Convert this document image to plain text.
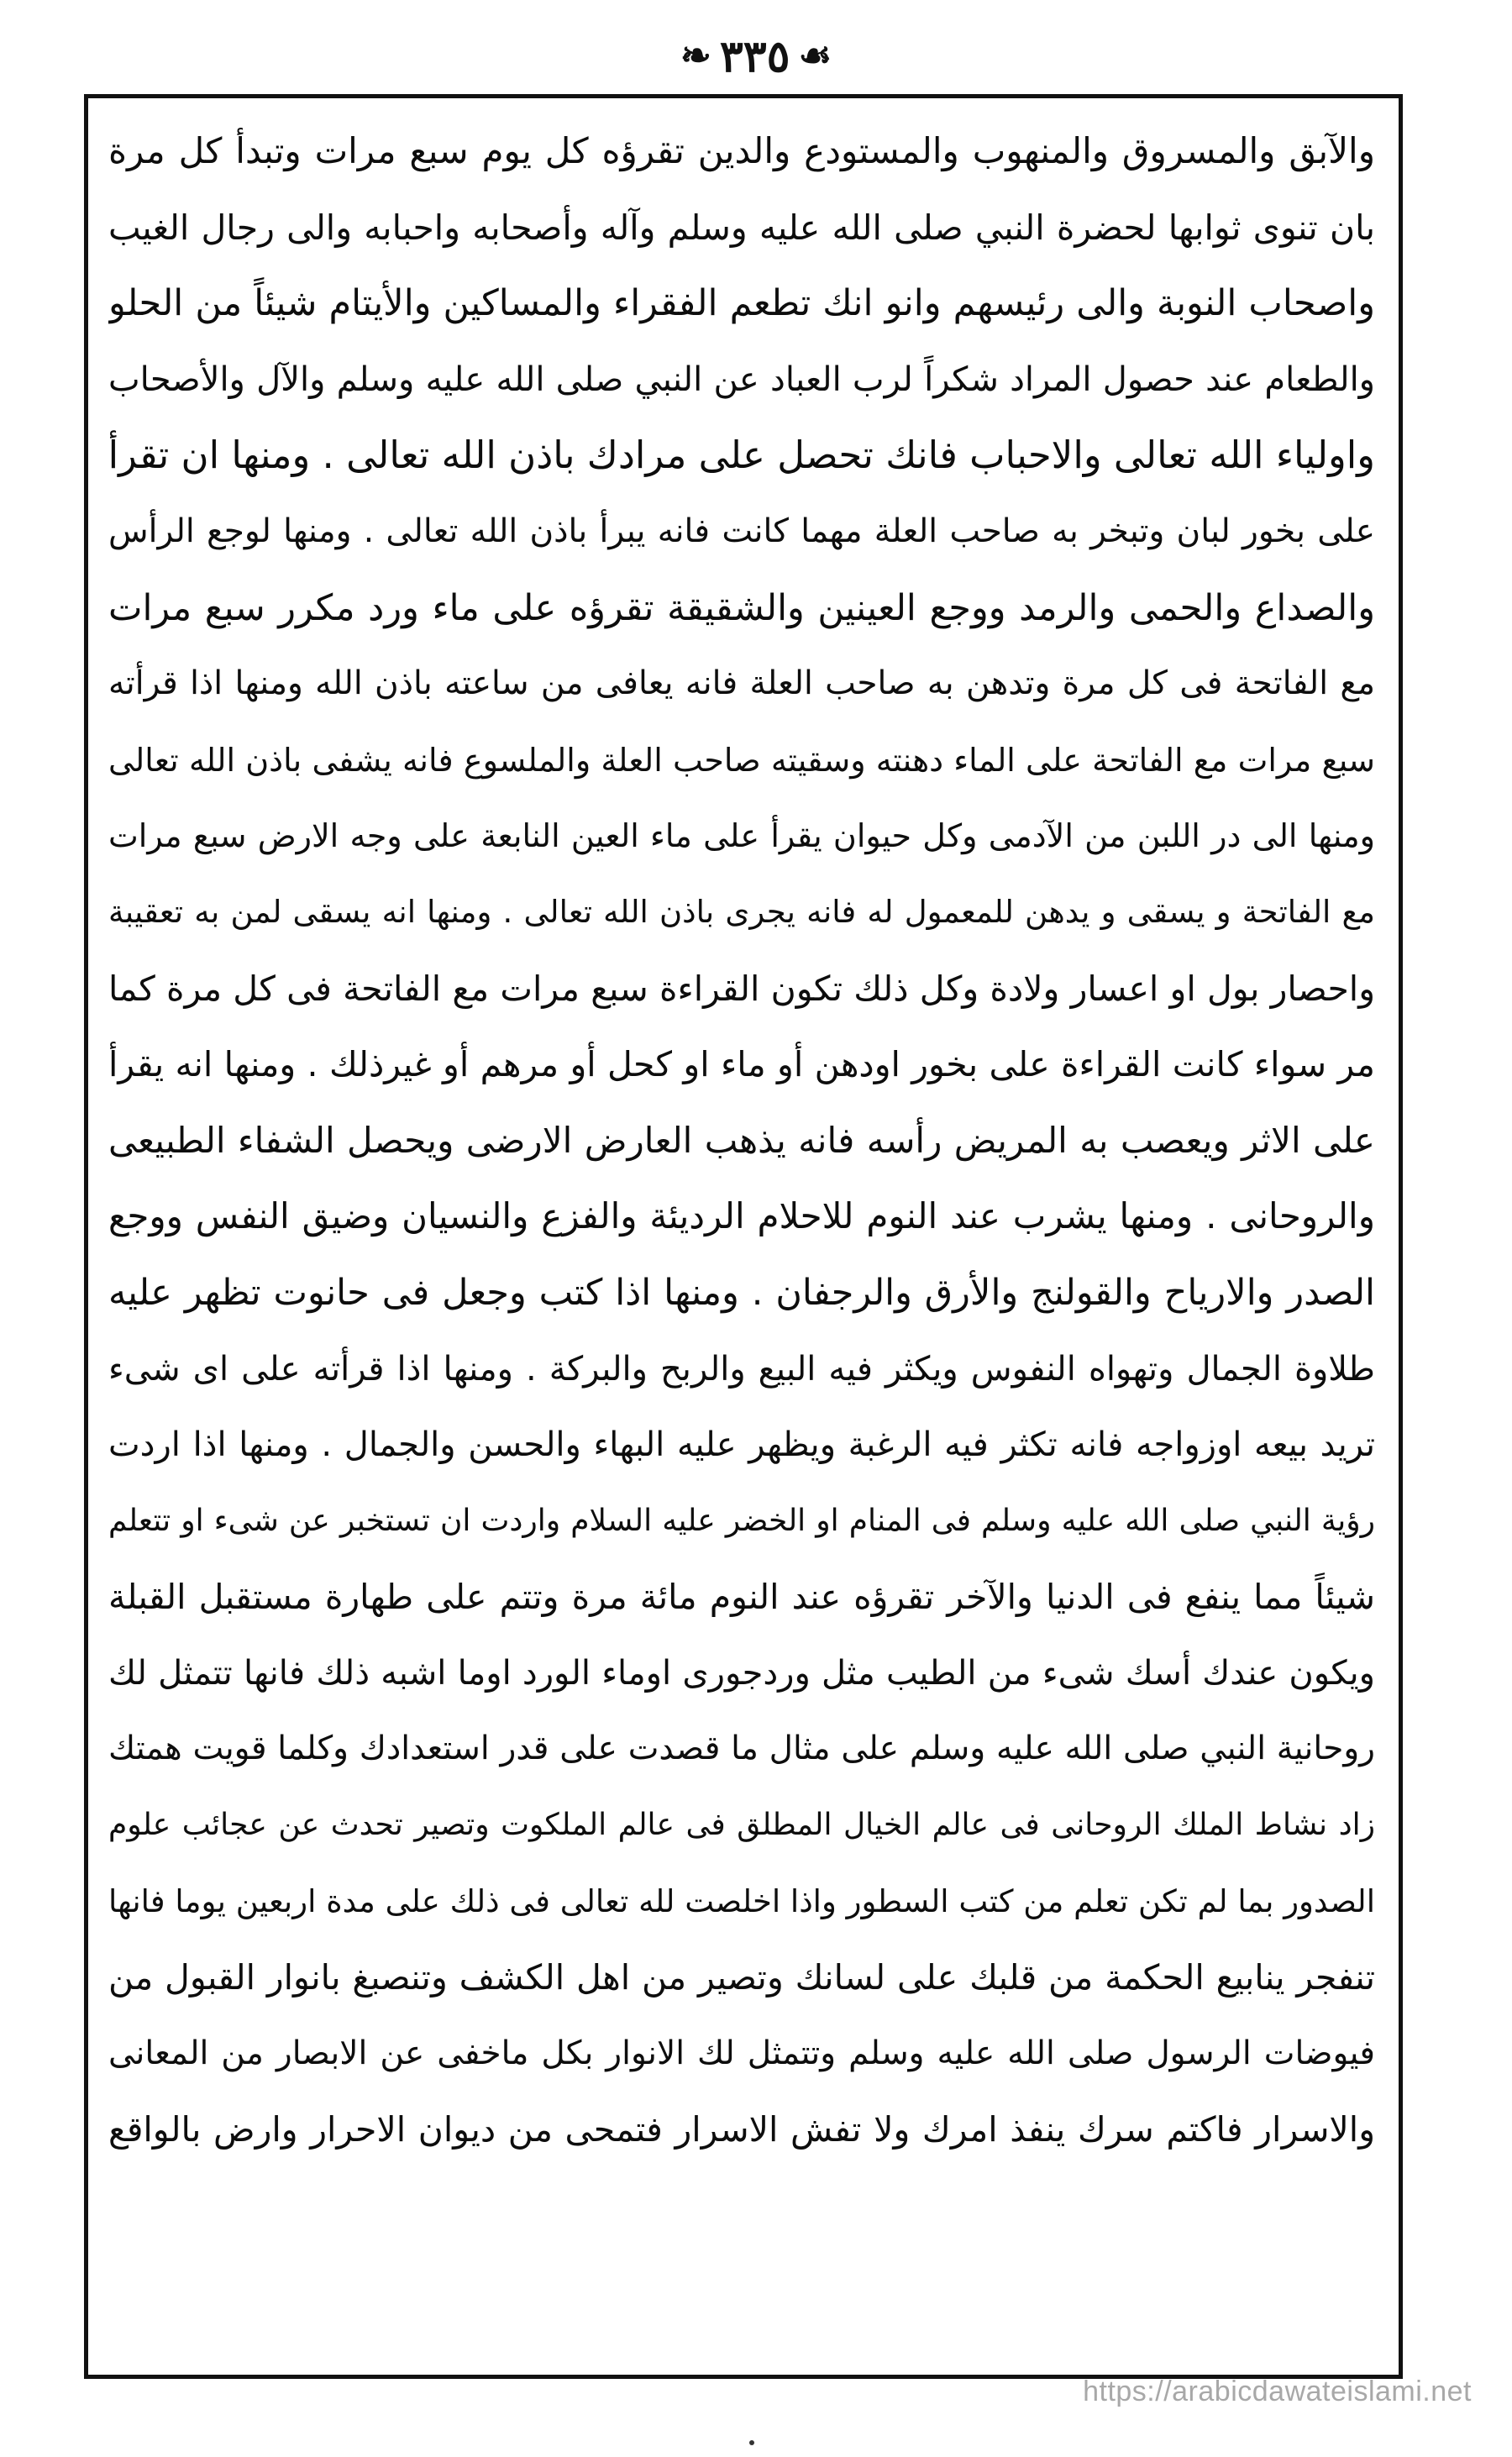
❧ ٣٣٥ ☙
والآبق والمسروق والمنهوب والمستودع والدين تقرؤه كل يوم سبع مرات وتبدأ كل مرة
بان تنوى ثوابها لحضرة النبي صلى الله عليه وسلم وآله وأصحابه واحبابه والى رجال الغيب
واصحاب النوبة والى رئيسهم وانو انك تطعم الفقراء والمساكين والأيتام شيئاً من الحلو
والطعام عند حصول المراد شكراً لرب العباد عن النبي صلى الله عليه وسلم والآل والأصحاب
واولياء الله تعالى والاحباب فانك تحصل على مرادك باذن الله تعالى . ومنها ان تقرأ
على بخور لبان وتبخر به صاحب العلة مهما كانت فانه يبرأ باذن الله تعالى . ومنها لوجع الرأس
والصداع والحمى والرمد ووجع العينين والشقيقة تقرؤه على ماء ورد مكرر سبع مرات
مع الفاتحة فى كل مرة وتدهن به صاحب العلة فانه يعافى من ساعته باذن الله ومنها اذا قرأته
سبع مرات مع الفاتحة على الماء دهنته وسقيته صاحب العلة والملسوع فانه يشفى باذن الله تعالى
ومنها الى در اللبن من الآدمى وكل حيوان يقرأ على ماء العين النابعة على وجه الارض سبع مرات
مع الفاتحة و يسقى و يدهن للمعمول له فانه يجرى باذن الله تعالى . ومنها انه يسقى لمن به تعقيبة
واحصار بول او اعسار ولادة وكل ذلك تكون القراءة سبع مرات مع الفاتحة فى كل مرة كما
مر سواء كانت القراءة على بخور اودهن أو ماء او كحل أو مرهم أو غيرذلك . ومنها انه يقرأ
على الاثر ويعصب به المريض رأسه فانه يذهب العارض الارضى ويحصل الشفاء الطبيعى
والروحانى . ومنها يشرب عند النوم للاحلام الرديئة والفزع والنسيان وضيق النفس ووجع
الصدر والارياح والقولنج والأرق والرجفان . ومنها اذا كتب وجعل فى حانوت تظهر عليه
طلاوة الجمال وتهواه النفوس ويكثر فيه البيع والربح والبركة . ومنها اذا قرأته على اى شىء
تريد بيعه اوزواجه فانه تكثر فيه الرغبة ويظهر عليه البهاء والحسن والجمال . ومنها اذا اردت
رؤية النبي صلى الله عليه وسلم فى المنام او الخضر عليه السلام واردت ان تستخبر عن شىء او تتعلم
شيئاً مما ينفع فى الدنيا والآخر تقرؤه عند النوم مائة مرة وتتم على طهارة مستقبل القبلة
ويكون عندك أسك شىء من الطيب مثل وردجورى اوماء الورد اوما اشبه ذلك فانها تتمثل لك
روحانية النبي صلى الله عليه وسلم على مثال ما قصدت على قدر استعدادك وكلما قويت همتك
زاد نشاط الملك الروحانى فى عالم الخيال المطلق فى عالم الملكوت وتصير تحدث عن عجائب علوم
الصدور بما لم تكن تعلم من كتب السطور واذا اخلصت لله تعالى فى ذلك على مدة اربعين يوما فانها
تنفجر ينابيع الحكمة من قلبك على لسانك وتصير من اهل الكشف وتنصبغ بانوار القبول من
فيوضات الرسول صلى الله عليه وسلم وتتمثل لك الانوار بكل ماخفى عن الابصار من المعانى
والاسرار فاكتم سرك ينفذ امرك ولا تفش الاسرار فتمحى من ديوان الاحرار وارض بالواقع
https://arabicdawateislami.net
